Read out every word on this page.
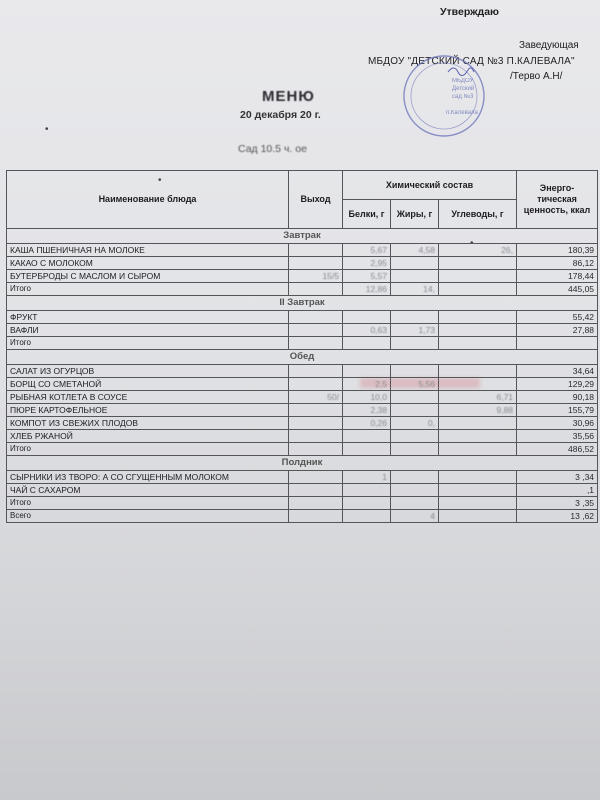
Утверждаю
Заведующая
МБДОУ "ДЕТСКИЙ САД №3 П.КАЛЕВАЛА"
/Терво А.Н/
МБДОУ
Детский
сад №3
п.Калевала
МЕНЮ
20 декабря 20 г.
Сад 10.5 ч. ое
•
•
•
Наименование блюда	Выход	Химический состав			Энерго-тическая ценность, ккал
		Белки, г	Жиры, г	Углеводы, г	
Завтрак					
КАША ПШЕНИЧНАЯ НА МОЛОКЕ		5,67	4,58	26,	180,39
КАКАО С МОЛОКОМ		2,95			86,12
БУТЕРБРОДЫ С МАСЛОМ И СЫРОМ	15/5	5,57			178,44
Итого		12,86	14,		445,05
II Завтрак					
ФРУКТ					55,42
ВАФЛИ		0,63	1,73		27,88
Итого					
Обед					
САЛАТ ИЗ ОГУРЦОВ					34,64
БОРЩ СО СМЕТАНОЙ		2,5	5,56		129,29
РЫБНАЯ КОТЛЕТА В СОУСЕ	50/	10,0		6,71	90,18
ПЮРЕ КАРТОФЕЛЬНОЕ		2,38		9,88	155,79
КОМПОТ ИЗ СВЕЖИХ ПЛОДОВ		0,26	0,		30,96
ХЛЕБ РЖАНОЙ					35,56
Итого					486,52
Полдник					
СЫРНИКИ ИЗ ТВОРО: А СО СГУЩЕННЫМ МОЛОКОМ		1			3 ,34
ЧАЙ С САХАРОМ					,1
Итого					3 ,35
Всего			4		13 ,62
